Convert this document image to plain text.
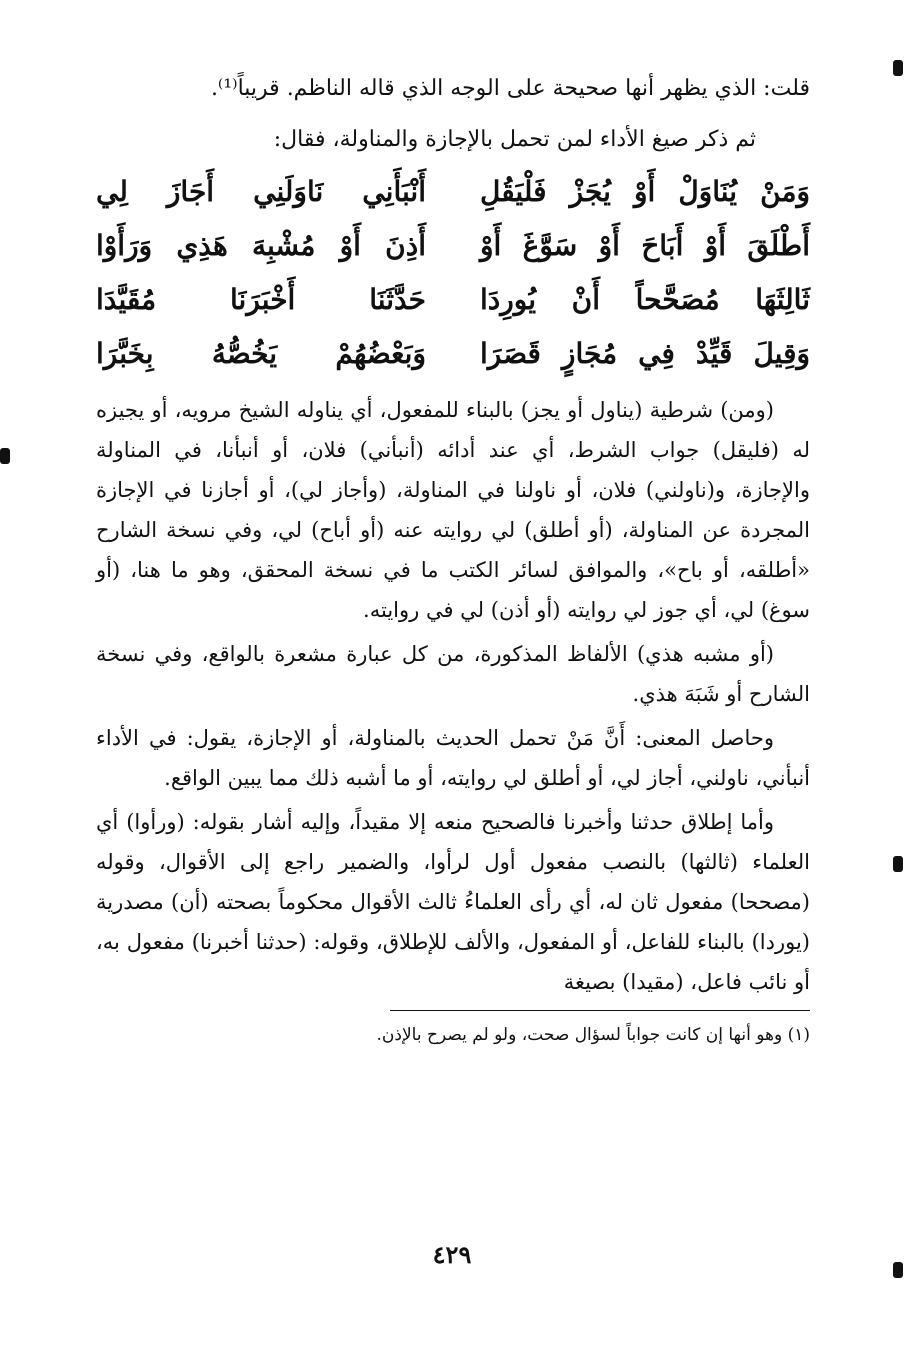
قلت: الذي يظهر أنها صحيحة على الوجه الذي قاله الناظم. قريباً⁽¹⁾.

ثم ذكر صيغ الأداء لمن تحمل بالإجازة والمناولة، فقال:

وَمَنْ يُنَاوَلْ أَوْ يُجَزْ فَلْيَقُلِ
أَنْبَأَنِي نَاوَلَنِي أَجَازَ لِي
أَطْلَقَ أَوْ أَبَاحَ أَوْ سَوَّغَ أَوْ
أَذِنَ أَوْ مُشْبِهَ هَذِي وَرَأَوْا
ثَالِثَهَا مُصَحَّحاً أَنْ يُورِدَا
حَدَّثَنَا أَخْبَرَنَا مُقَيَّدَا
وَقِيلَ قَيِّدْ فِي مُجَازٍ قَصَرَا
وَبَعْضُهُمْ يَخُصُّهُ بِخَبَّرَا

(ومن) شرطية (يناول أو يجز) بالبناء للمفعول، أي يناوله الشيخ مرويه، أو يجيزه له (فليقل) جواب الشرط، أي عند أدائه (أنبأني) فلان، أو أنبأنا، في المناولة والإجازة، و(ناولني) فلان، أو ناولنا في المناولة، (وأجاز لي)، أو أجازنا في الإجازة المجردة عن المناولة، (أو أطلق) لي روايته عنه (أو أباح) لي، وفي نسخة الشارح «أطلقه، أو باح»، والموافق لسائر الكتب ما في نسخة المحقق، وهو ما هنا، (أو سوغ) لي، أي جوز لي روايته (أو أذن) لي في روايته.

(أو مشبه هذي) الألفاظ المذكورة، من كل عبارة مشعرة بالواقع، وفي نسخة الشارح أو شَبَهَ هذي.

وحاصل المعنى: أَنَّ مَنْ تحمل الحديث بالمناولة، أو الإجازة، يقول: في الأداء أنبأني، ناولني، أجاز لي، أو أطلق لي روايته، أو ما أشبه ذلك مما يبين الواقع.

وأما إطلاق حدثنا وأخبرنا فالصحيح منعه إلا مقيداً، وإليه أشار بقوله: (ورأوا) أي العلماء (ثالثها) بالنصب مفعول أول لرأوا، والضمير راجع إلى الأقوال، وقوله (مصححا) مفعول ثان له، أي رأى العلماءُ ثالث الأقوال محكوماً بصحته (أن) مصدرية (يوردا) بالبناء للفاعل، أو المفعول، والألف للإطلاق، وقوله: (حدثنا أخبرنا) مفعول به، أو نائب فاعل، (مقيدا) بصيغة

(١) وهو أنها إن كانت جواباً لسؤال صحت، ولو لم يصرح بالإذن.

٤٢٩
